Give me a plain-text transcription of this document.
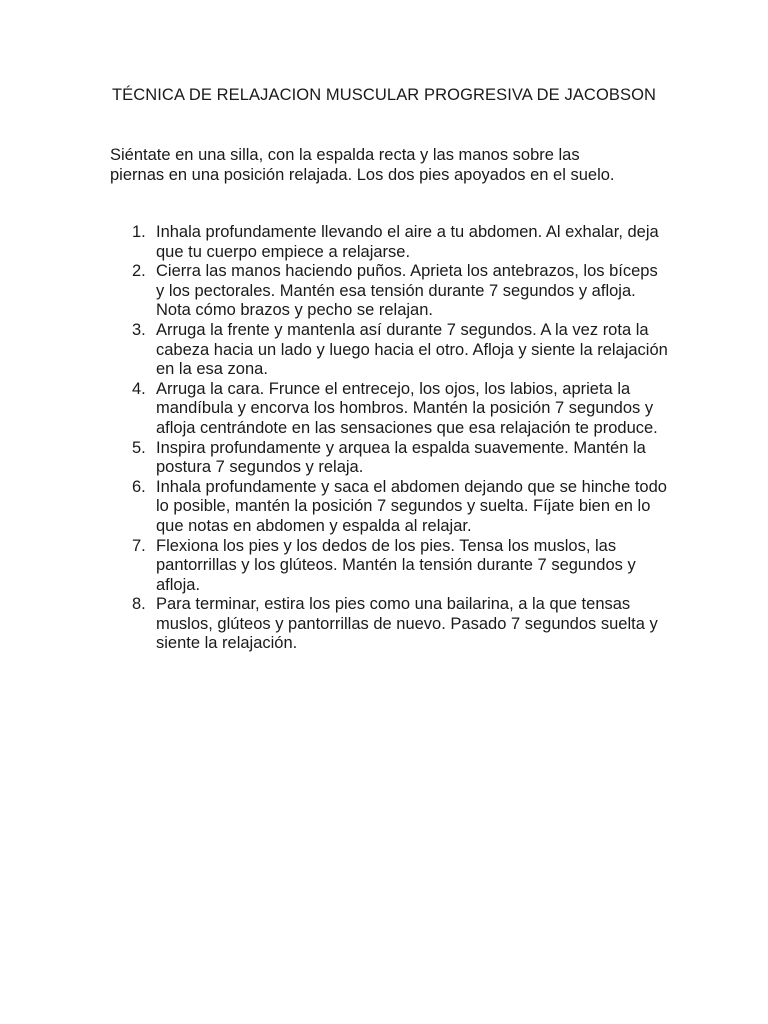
TÉCNICA DE RELAJACION MUSCULAR PROGRESIVA DE JACOBSON

Siéntate en una silla, con la espalda recta y las manos sobre las piernas en una posición relajada. Los dos pies apoyados en el suelo.

1. Inhala profundamente llevando el aire a tu abdomen. Al exhalar, deja que tu cuerpo empiece a relajarse.
2. Cierra las manos haciendo puños. Aprieta los antebrazos, los bíceps y los pectorales. Mantén esa tensión durante 7 segundos y afloja. Nota cómo brazos y pecho se relajan.
3. Arruga la frente y mantenla así durante 7 segundos. A la vez rota la cabeza hacia un lado y luego hacia el otro. Afloja y siente la relajación en la esa zona.
4. Arruga la cara. Frunce el entrecejo, los ojos, los labios, aprieta la mandíbula y encorva los hombros. Mantén la posición 7 segundos y afloja centrándote en las sensaciones que esa relajación te produce.
5. Inspira profundamente y arquea la espalda suavemente. Mantén la postura 7 segundos y relaja.
6. Inhala profundamente y saca el abdomen dejando que se hinche todo lo posible, mantén la posición 7 segundos y suelta. Fíjate bien en lo que notas en abdomen y espalda al relajar.
7. Flexiona los pies y los dedos de los pies. Tensa los muslos, las pantorrillas y los glúteos. Mantén la tensión durante 7 segundos y afloja.
8. Para terminar, estira los pies como una bailarina, a la que tensas muslos, glúteos y pantorrillas de nuevo. Pasado 7 segundos suelta y siente la relajación.
